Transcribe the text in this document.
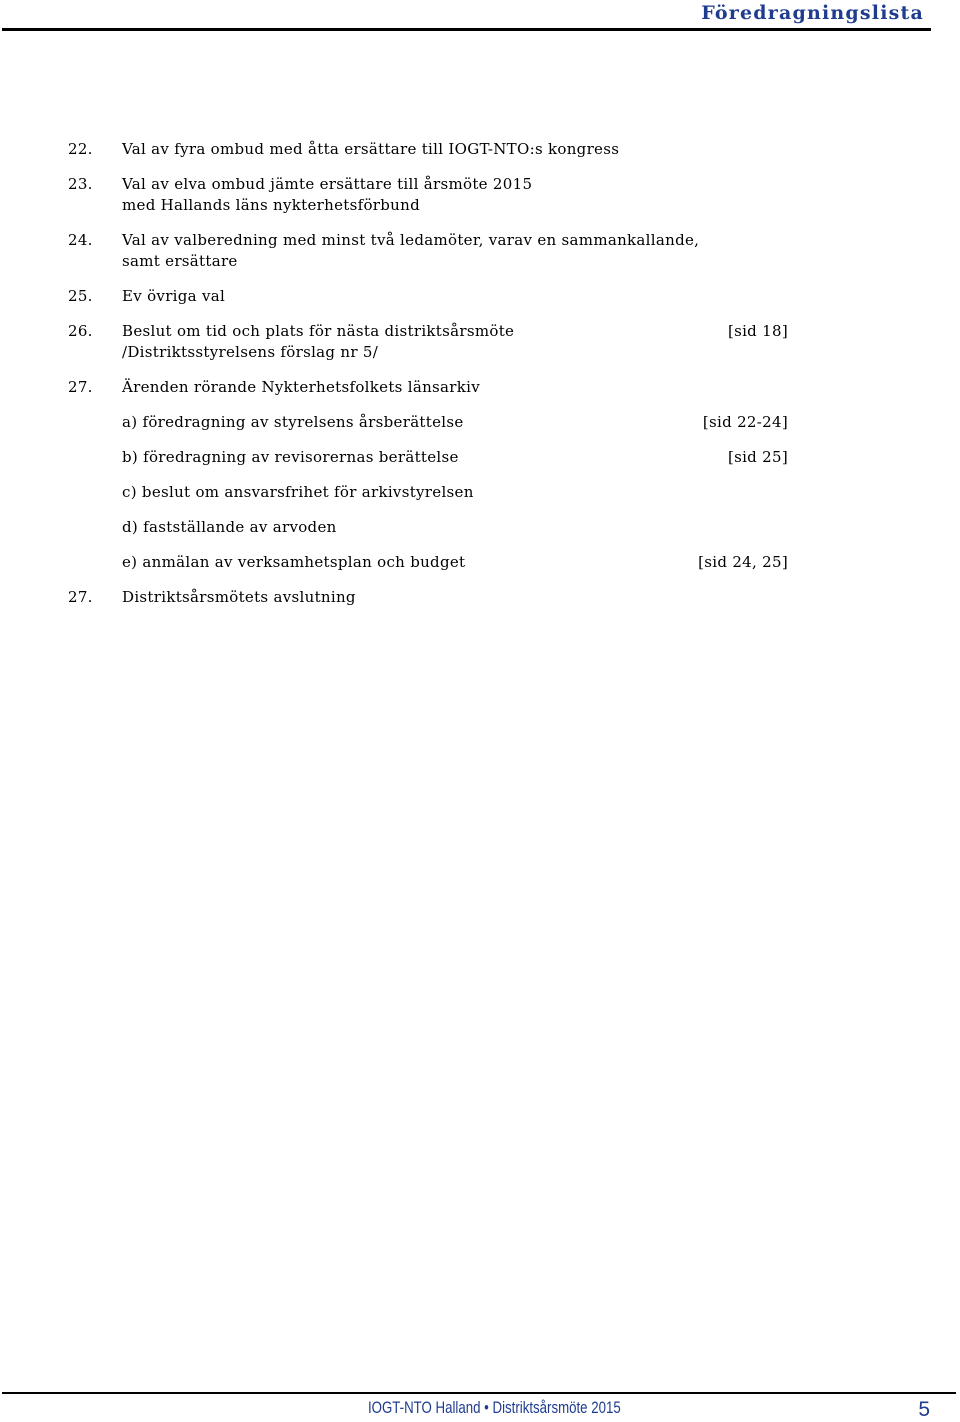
Föredragningslista
22. Val av fyra ombud med åtta ersättare till IOGT-NTO:s kongress
23. Val av elva ombud jämte ersättare till årsmöte 2015
med Hallands läns nykterhetsförbund
24. Val av valberedning med minst två ledamöter, varav en sammankallande,
samt ersättare
25. Ev övriga val
26. Beslut om tid och plats för nästa distriktsårsmöte	[sid 18]
/Distriktsstyrelsens förslag nr 5/
27. Ärenden rörande Nykterhetsfolkets länsarkiv
a) föredragning av styrelsens årsberättelse	[sid 22-24]
b) föredragning av revisorernas berättelse	[sid 25]
c) beslut om ansvarsfrihet för arkivstyrelsen
d) fastställande av arvoden
e) anmälan av verksamhetsplan och budget	[sid 24, 25]
27. Distriktsårsmötets avslutning
IOGT-NTO Halland • Distriktsårsmöte 2015	5
